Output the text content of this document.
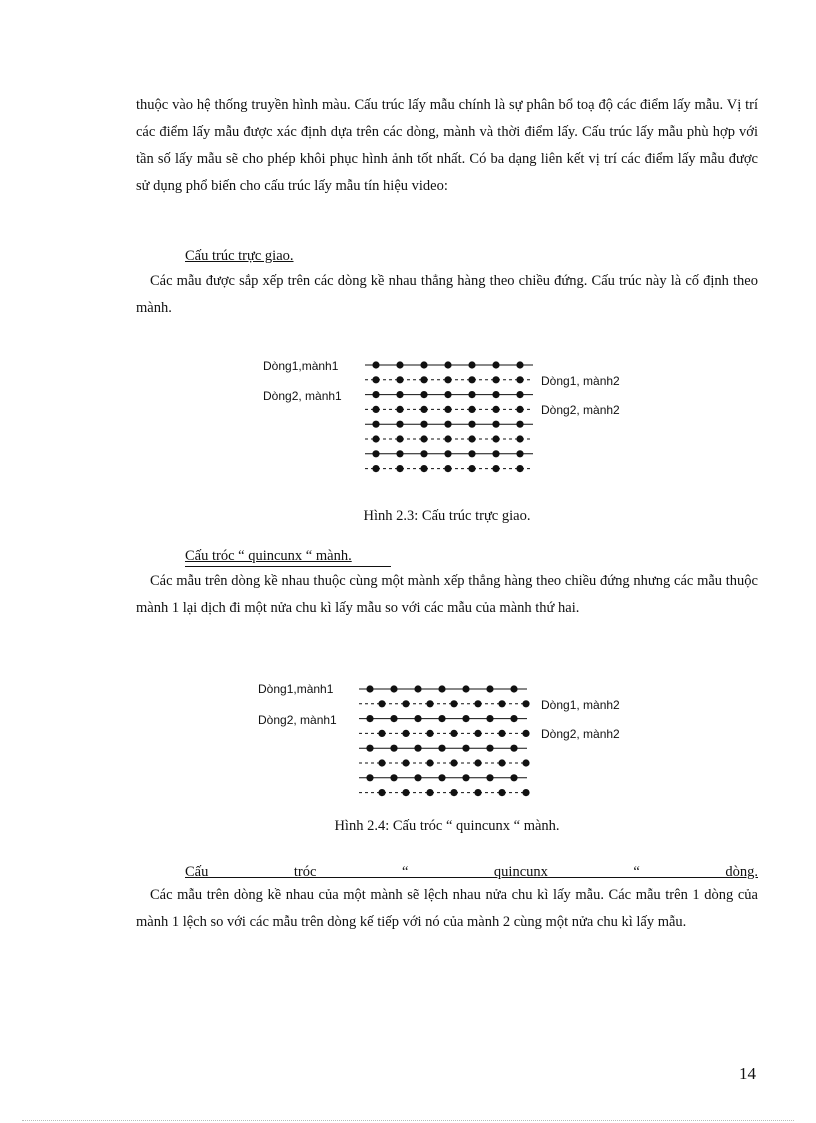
thuộc vào hệ thống truyền hình màu. Cấu trúc lấy mẫu chính là sự phân bổ toạ độ các điểm lấy mẫu. Vị trí các điểm lấy mẫu được xác định dựa trên các dòng, mành và thời điểm lấy. Cấu trúc lấy mẫu phù hợp với tần số lấy mẫu sẽ cho phép khôi phục hình ảnh tốt nhất. Có ba dạng liên kết vị trí các điểm lấy mẫu được sử dụng phổ biến cho cấu trúc lấy mẫu tín hiệu video:

Cấu trúc trực giao.

Các mẫu được sắp xếp trên các dòng kề nhau thẳng hàng theo chiều đứng. Cấu trúc này là cố định theo mành.

Dòng1,mành1
Dòng2, mành1
Dòng1, mành2
Dòng2, mành2

Hình 2.3: Cấu trúc trực giao.

Cấu tróc “ quincunx “ mành.

Các mẫu trên dòng kề nhau thuộc cùng một mành xếp thẳng hàng theo chiều đứng nhưng các mẫu thuộc mành 1 lại dịch đi một nửa chu kì lấy mẫu so với các mẫu của mành thứ hai.

Dòng1,mành1
Dòng2, mành1
Dòng1, mành2
Dòng2, mành2

Hình 2.4: Cấu tróc “ quincunx “ mành.

Cấu tróc “ quincunx “ dòng.

Các mẫu trên dòng kề nhau của một mành sẽ lệch nhau nửa chu kì lấy mẫu. Các mẫu trên 1 dòng của mành 1 lệch so với các mẫu trên dòng kế tiếp với nó của mành 2 cùng một nửa chu kì lấy mẫu.

14
